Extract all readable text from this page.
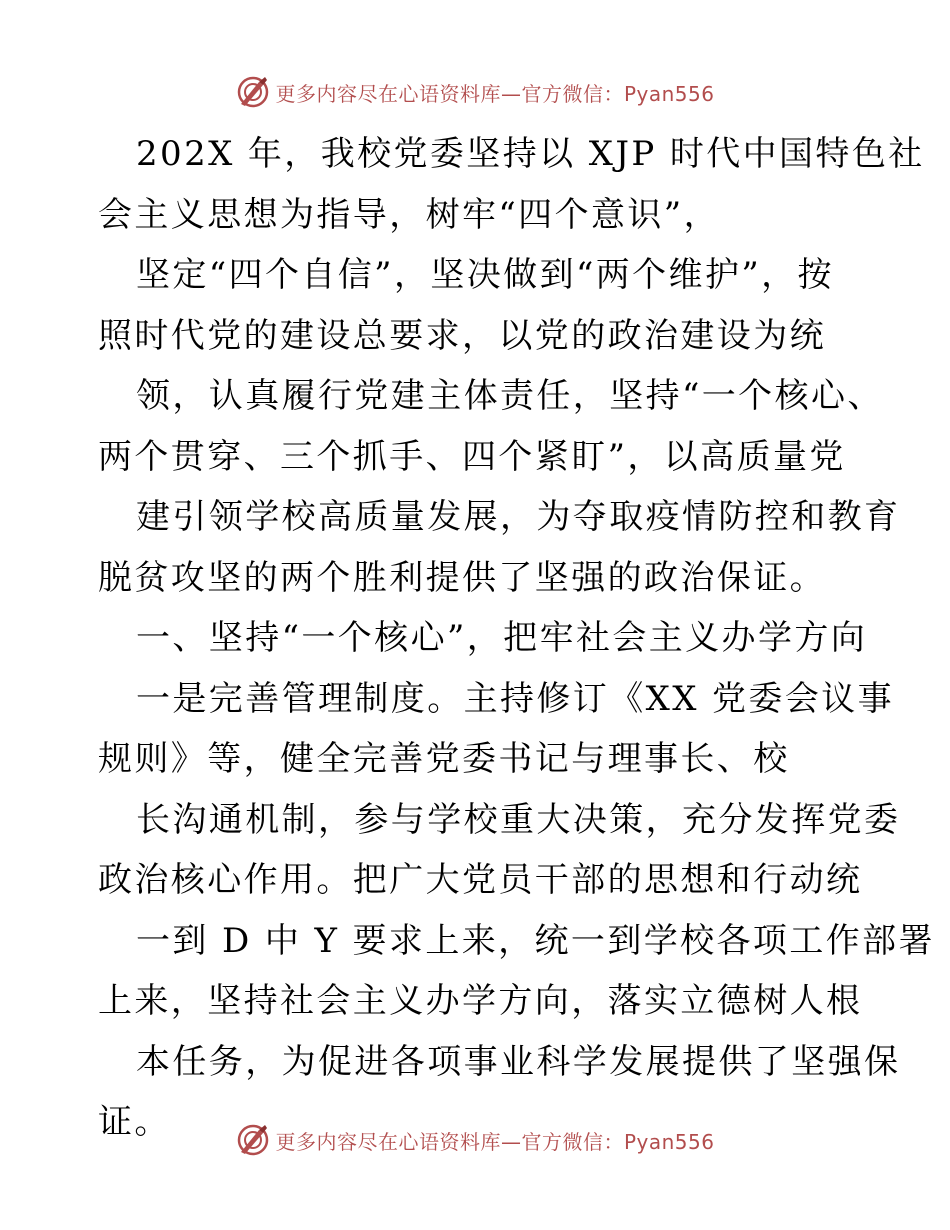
更多内容尽在心语资料库—官方微信：Pyan556
202X 年，我校党委坚持以 XJP 时代中国特色社
会主义思想为指导，树牢“四个意识”，
坚定“四个自信”，坚决做到“两个维护”，按
照时代党的建设总要求，以党的政治建设为统
领，认真履行党建主体责任，坚持“一个核心、
两个贯穿、三个抓手、四个紧盯”，以高质量党
建引领学校高质量发展，为夺取疫情防控和教育
脱贫攻坚的两个胜利提供了坚强的政治保证。
一、坚持“一个核心”，把牢社会主义办学方向
一是完善管理制度。主持修订《XX 党委会议事
规则》等，健全完善党委书记与理事长、校
长沟通机制，参与学校重大决策，充分发挥党委
政治核心作用。把广大党员干部的思想和行动统
一到 D 中 Y 要求上来，统一到学校各项工作部署
上来，坚持社会主义办学方向，落实立德树人根
本任务，为促进各项事业科学发展提供了坚强保
证。	更多内容尽在心语资料库—官方微信：Pyan556
